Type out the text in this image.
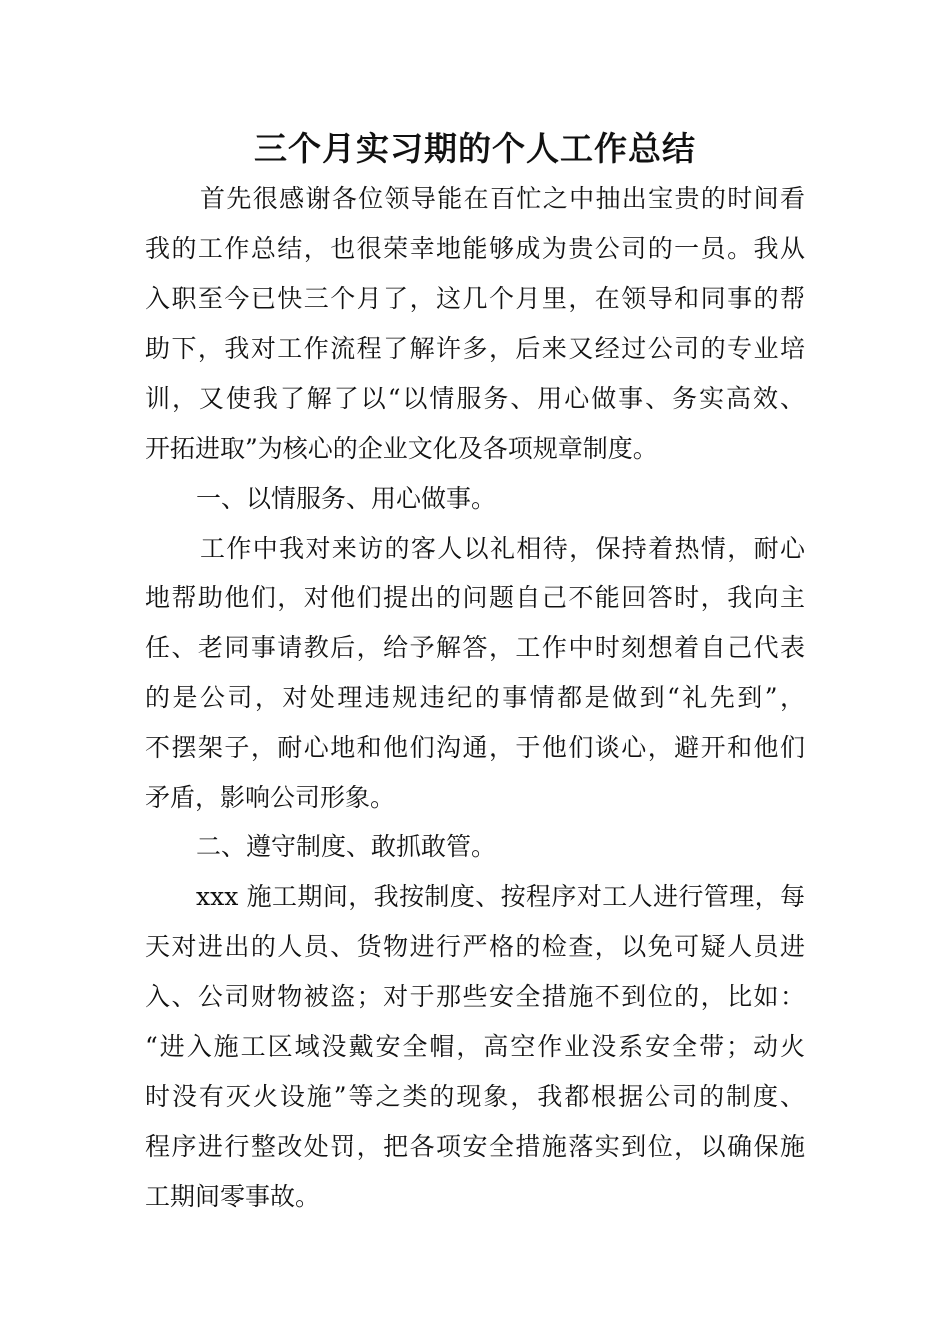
三个月实习期的个人工作总结

首先很感谢各位领导能在百忙之中抽出宝贵的时间看

我的工作总结，也很荣幸地能够成为贵公司的一员。我从

入职至今已快三个月了，这几个月里，在领导和同事的帮

助下，我对工作流程了解许多，后来又经过公司的专业培

训，又使我了解了以“以情服务、用心做事、务实高效、

开拓进取”为核心的企业文化及各项规章制度。

一、以情服务、用心做事。

工作中我对来访的客人以礼相待，保持着热情，耐心

地帮助他们，对他们提出的问题自己不能回答时，我向主

任、老同事请教后，给予解答，工作中时刻想着自己代表

的是公司，对处理违规违纪的事情都是做到“礼先到”，

不摆架子，耐心地和他们沟通，于他们谈心，避开和他们

矛盾，影响公司形象。

二、遵守制度、敢抓敢管。

xxx 施工期间，我按制度、按程序对工人进行管理，每

天对进出的人员、货物进行严格的检查，以免可疑人员进

入、公司财物被盗；对于那些安全措施不到位的，比如：

“进入施工区域没戴安全帽，高空作业没系安全带；动火

时没有灭火设施”等之类的现象，我都根据公司的制度、

程序进行整改处罚，把各项安全措施落实到位，以确保施

工期间零事故。
